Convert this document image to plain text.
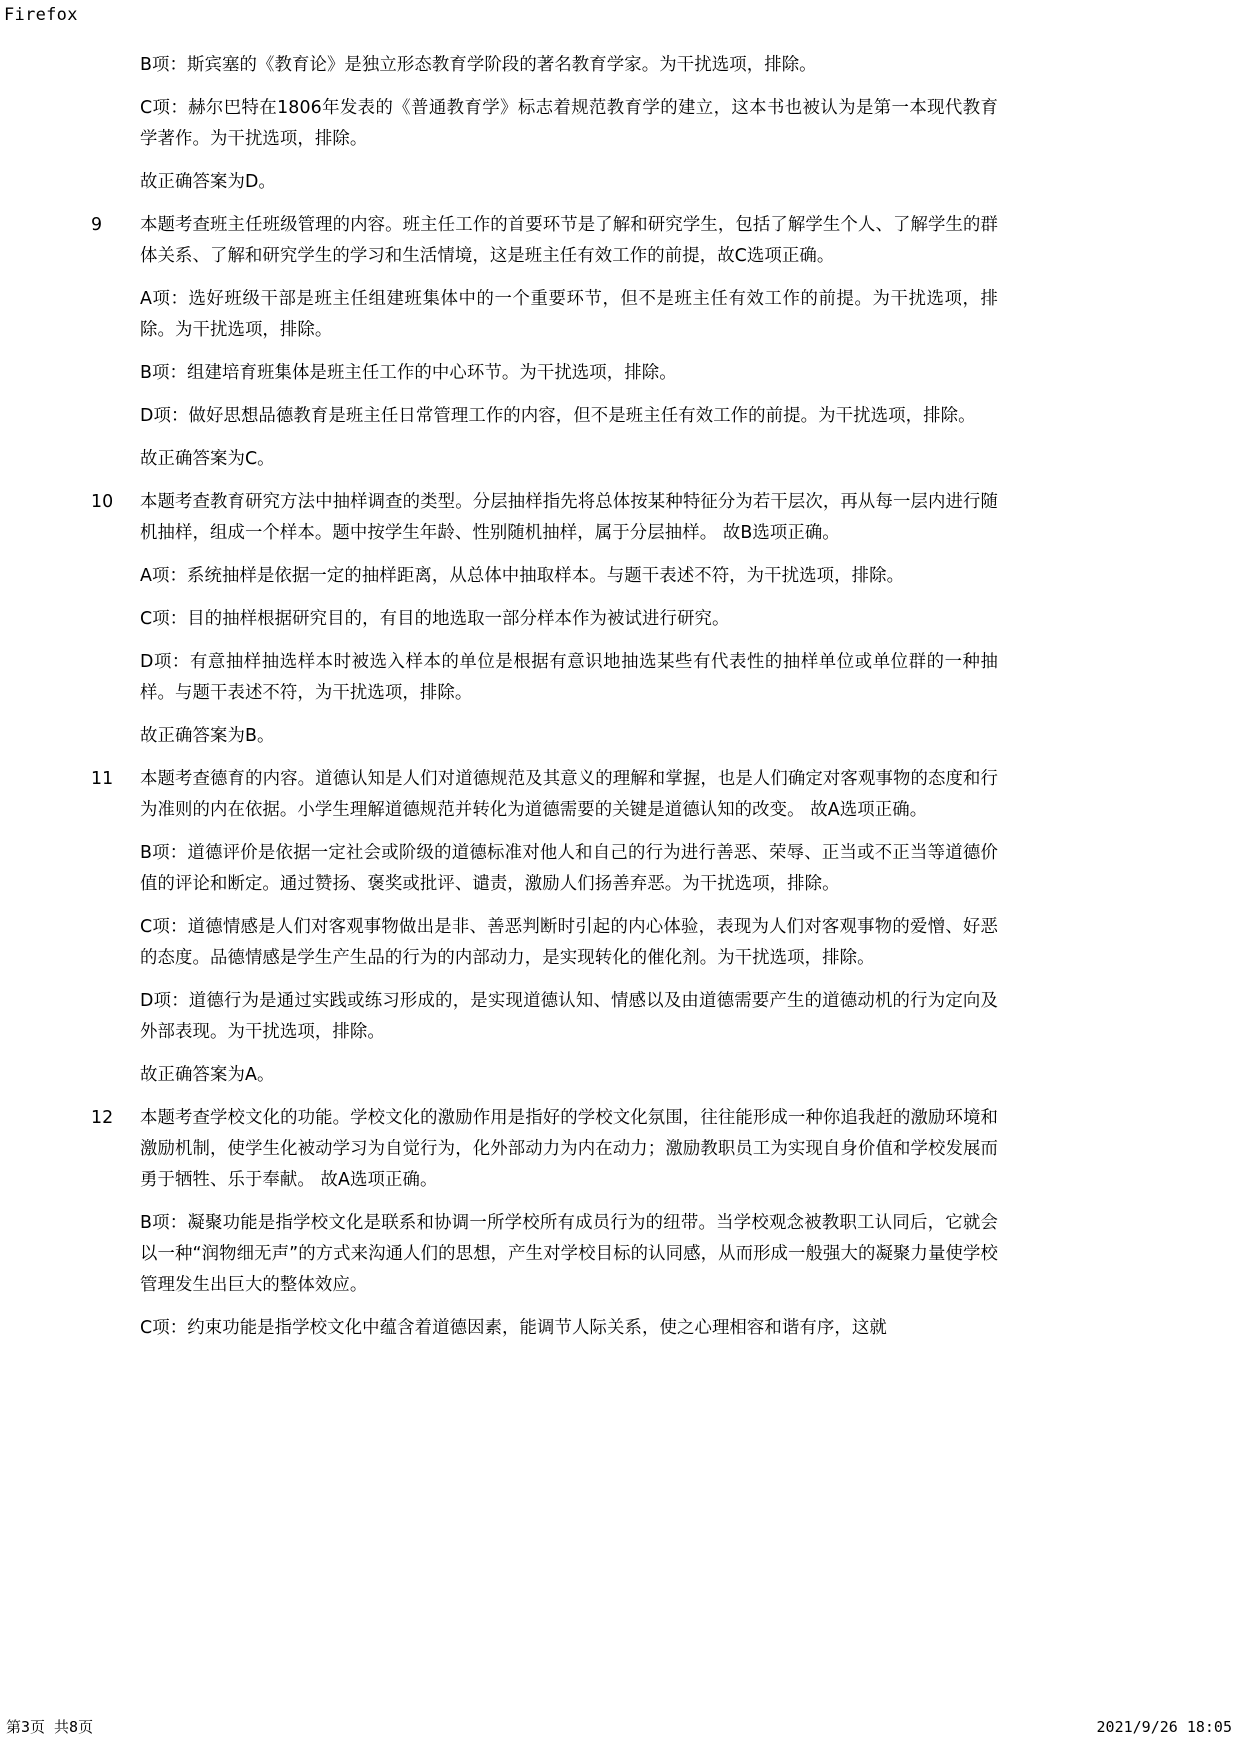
Firefox

B项：斯宾塞的《教育论》是独立形态教育学阶段的著名教育学家。为干扰选项，排除。

C项：赫尔巴特在1806年发表的《普通教育学》标志着规范教育学的建立，这本书也被认为是第一本现代教育学著作。为干扰选项，排除。

故正确答案为D。

9	本题考查班主任班级管理的内容。班主任工作的首要环节是了解和研究学生，包括了解学生个人、了解学生的群体关系、了解和研究学生的学习和生活情境，这是班主任有效工作的前提，故C选项正确。

A项：选好班级干部是班主任组建班集体中的一个重要环节，但不是班主任有效工作的前提。为干扰选项，排除。为干扰选项，排除。

B项：组建培育班集体是班主任工作的中心环节。为干扰选项，排除。

D项：做好思想品德教育是班主任日常管理工作的内容，但不是班主任有效工作的前提。为干扰选项，排除。

故正确答案为C。

10	本题考查教育研究方法中抽样调查的类型。分层抽样指先将总体按某种特征分为若干层次，再从每一层内进行随机抽样，组成一个样本。题中按学生年龄、性别随机抽样，属于分层抽样。 故B选项正确。

A项：系统抽样是依据一定的抽样距离，从总体中抽取样本。与题干表述不符，为干扰选项，排除。

C项：目的抽样根据研究目的，有目的地选取一部分样本作为被试进行研究。

D项：有意抽样抽选样本时被选入样本的单位是根据有意识地抽选某些有代表性的抽样单位或单位群的一种抽样。与题干表述不符，为干扰选项，排除。

故正确答案为B。

11	本题考查德育的内容。道德认知是人们对道德规范及其意义的理解和掌握，也是人们确定对客观事物的态度和行为准则的内在依据。小学生理解道德规范并转化为道德需要的关键是道德认知的改变。 故A选项正确。

B项：道德评价是依据一定社会或阶级的道德标准对他人和自己的行为进行善恶、荣辱、正当或不正当等道德价值的评论和断定。通过赞扬、褒奖或批评、谴责，激励人们扬善弃恶。为干扰选项，排除。

C项：道德情感是人们对客观事物做出是非、善恶判断时引起的内心体验，表现为人们对客观事物的爱憎、好恶的态度。品德情感是学生产生品的行为的内部动力，是实现转化的催化剂。为干扰选项，排除。

D项：道德行为是通过实践或练习形成的，是实现道德认知、情感以及由道德需要产生的道德动机的行为定向及外部表现。为干扰选项，排除。

故正确答案为A。

12	本题考查学校文化的功能。学校文化的激励作用是指好的学校文化氛围，往往能形成一种你追我赶的激励环境和激励机制，使学生化被动学习为自觉行为，化外部动力为内在动力；激励教职员工为实现自身价值和学校发展而勇于牺牲、乐于奉献。 故A选项正确。

B项：凝聚功能是指学校文化是联系和协调一所学校所有成员行为的纽带。当学校观念被教职工认同后，它就会以一种“润物细无声”的方式来沟通人们的思想，产生对学校目标的认同感，从而形成一般强大的凝聚力量使学校管理发生出巨大的整体效应。

C项：约束功能是指学校文化中蕴含着道德因素，能调节人际关系，使之心理相容和谐有序，这就

第3页 共8页	2021/9/26 18:05
